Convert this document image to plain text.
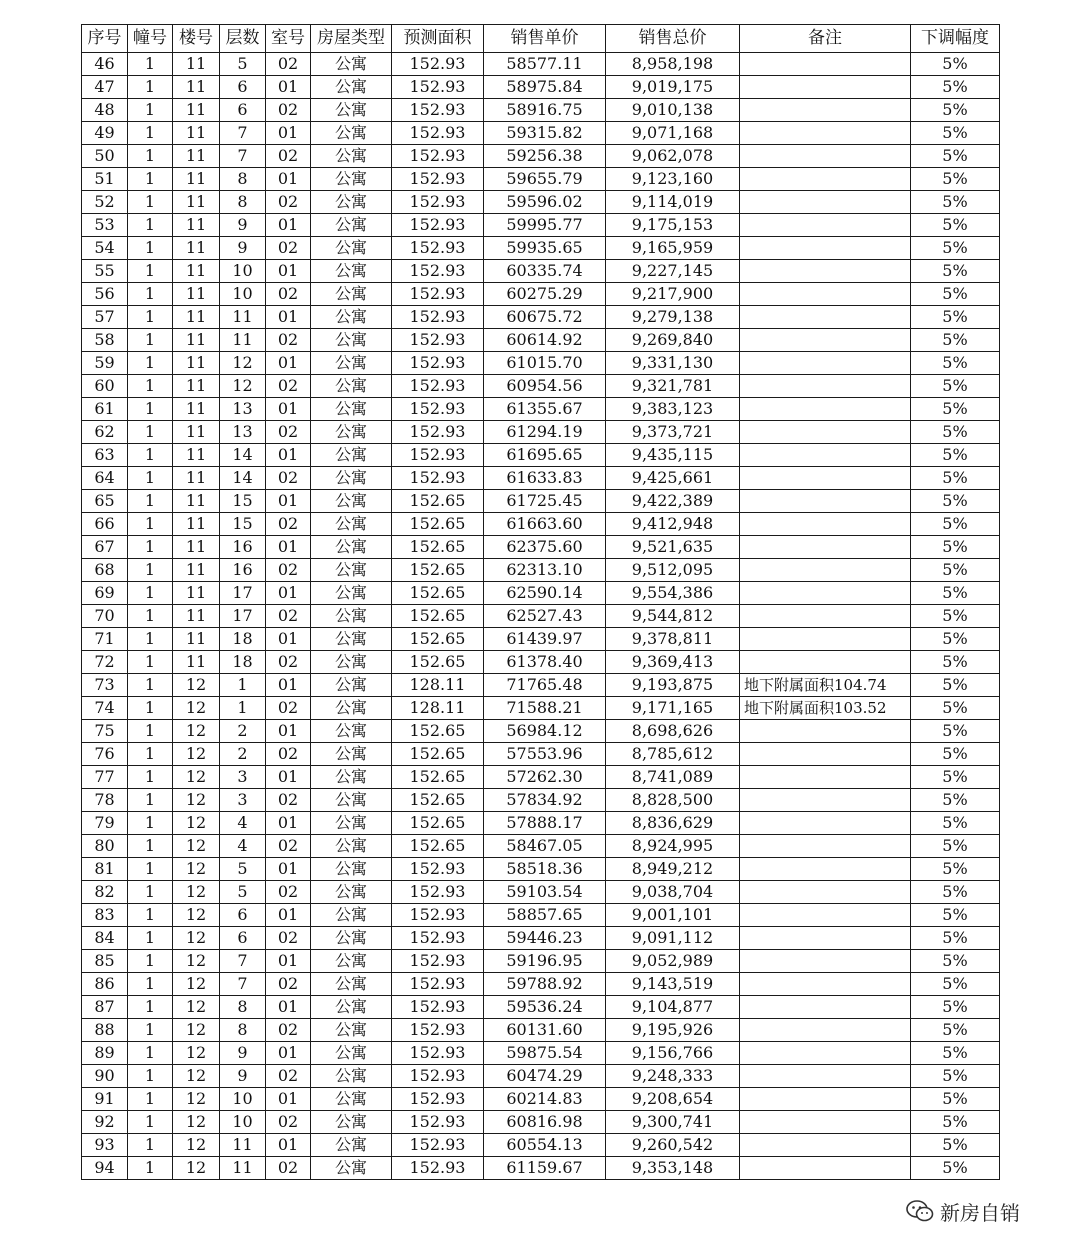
序号	幢号	楼号	层数	室号	房屋类型	预测面积	销售单价	销售总价	备注	下调幅度
46	1	11	5	02	公寓	152.93	58577.11	8,958,198		5%
47	1	11	6	01	公寓	152.93	58975.84	9,019,175		5%
48	1	11	6	02	公寓	152.93	58916.75	9,010,138		5%
49	1	11	7	01	公寓	152.93	59315.82	9,071,168		5%
50	1	11	7	02	公寓	152.93	59256.38	9,062,078		5%
51	1	11	8	01	公寓	152.93	59655.79	9,123,160		5%
52	1	11	8	02	公寓	152.93	59596.02	9,114,019		5%
53	1	11	9	01	公寓	152.93	59995.77	9,175,153		5%
54	1	11	9	02	公寓	152.93	59935.65	9,165,959		5%
55	1	11	10	01	公寓	152.93	60335.74	9,227,145		5%
56	1	11	10	02	公寓	152.93	60275.29	9,217,900		5%
57	1	11	11	01	公寓	152.93	60675.72	9,279,138		5%
58	1	11	11	02	公寓	152.93	60614.92	9,269,840		5%
59	1	11	12	01	公寓	152.93	61015.70	9,331,130		5%
60	1	11	12	02	公寓	152.93	60954.56	9,321,781		5%
61	1	11	13	01	公寓	152.93	61355.67	9,383,123		5%
62	1	11	13	02	公寓	152.93	61294.19	9,373,721		5%
63	1	11	14	01	公寓	152.93	61695.65	9,435,115		5%
64	1	11	14	02	公寓	152.93	61633.83	9,425,661		5%
65	1	11	15	01	公寓	152.65	61725.45	9,422,389		5%
66	1	11	15	02	公寓	152.65	61663.60	9,412,948		5%
67	1	11	16	01	公寓	152.65	62375.60	9,521,635		5%
68	1	11	16	02	公寓	152.65	62313.10	9,512,095		5%
69	1	11	17	01	公寓	152.65	62590.14	9,554,386		5%
70	1	11	17	02	公寓	152.65	62527.43	9,544,812		5%
71	1	11	18	01	公寓	152.65	61439.97	9,378,811		5%
72	1	11	18	02	公寓	152.65	61378.40	9,369,413		5%
73	1	12	1	01	公寓	128.11	71765.48	9,193,875	地下附属面积104.74	5%
74	1	12	1	02	公寓	128.11	71588.21	9,171,165	地下附属面积103.52	5%
75	1	12	2	01	公寓	152.65	56984.12	8,698,626		5%
76	1	12	2	02	公寓	152.65	57553.96	8,785,612		5%
77	1	12	3	01	公寓	152.65	57262.30	8,741,089		5%
78	1	12	3	02	公寓	152.65	57834.92	8,828,500		5%
79	1	12	4	01	公寓	152.65	57888.17	8,836,629		5%
80	1	12	4	02	公寓	152.65	58467.05	8,924,995		5%
81	1	12	5	01	公寓	152.93	58518.36	8,949,212		5%
82	1	12	5	02	公寓	152.93	59103.54	9,038,704		5%
83	1	12	6	01	公寓	152.93	58857.65	9,001,101		5%
84	1	12	6	02	公寓	152.93	59446.23	9,091,112		5%
85	1	12	7	01	公寓	152.93	59196.95	9,052,989		5%
86	1	12	7	02	公寓	152.93	59788.92	9,143,519		5%
87	1	12	8	01	公寓	152.93	59536.24	9,104,877		5%
88	1	12	8	02	公寓	152.93	60131.60	9,195,926		5%
89	1	12	9	01	公寓	152.93	59875.54	9,156,766		5%
90	1	12	9	02	公寓	152.93	60474.29	9,248,333		5%
91	1	12	10	01	公寓	152.93	60214.83	9,208,654		5%
92	1	12	10	02	公寓	152.93	60816.98	9,300,741		5%
93	1	12	11	01	公寓	152.93	60554.13	9,260,542		5%
94	1	12	11	02	公寓	152.93	61159.67	9,353,148		5%
新房自销
